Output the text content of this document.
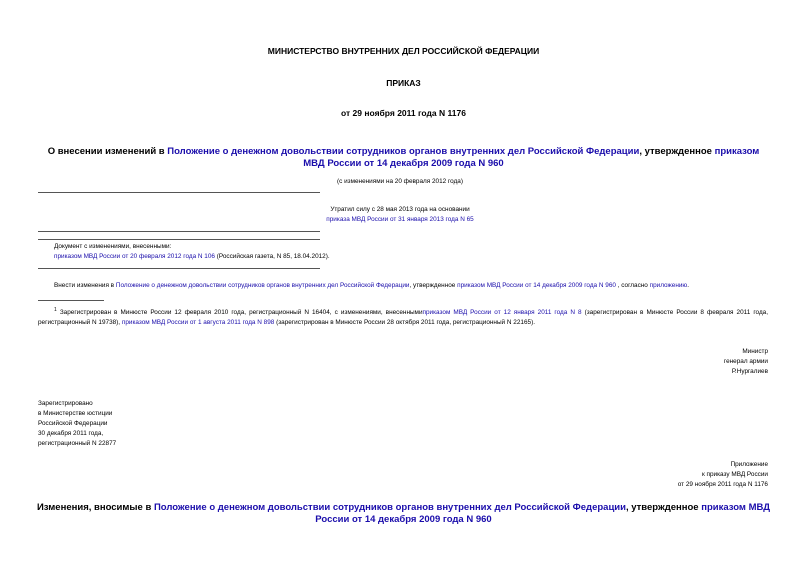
МИНИСТЕРСТВО ВНУТРЕННИХ ДЕЛ РОССИЙСКОЙ ФЕДЕРАЦИИ
ПРИКАЗ
от 29 ноября 2011 года N 1176
О внесении изменений в Положение о денежном довольствии сотрудников органов внутренних дел Российской Федерации, утвержденное приказом МВД России от 14 декабря 2009 года N 960
(с изменениями на 20 февраля 2012 года)
Утратил силу с 28 мая 2013 года на основании
приказа МВД России от 31 января 2013 года N 65
Документ с изменениями, внесенными:
приказом МВД России от 20 февраля 2012 года N 106 (Российская газета, N 85, 18.04.2012).
Внести изменения в Положение о денежном довольствии сотрудников органов внутренних дел Российской Федерации, утвержденное приказом МВД России от 14 декабря 2009 года N 960 , согласно приложению.
$^1$ Зарегистрирован в Минюсте России 12 февраля 2010 года, регистрационный N 16404, с изменениями, внесеннымиприказом МВД России от 12 января 2011 года N 8 (зарегистрирован в Минюсте России 8 февраля 2011 года, регистрационный N 19738), приказом МВД России от 1 августа 2011 года N 898 (зарегистрирован в Минюсте России 28 октября 2011 года, регистрационный N 22165).
Министр
генерал армии
Р.Нургалиев
Зарегистрировано
в Министерстве юстиции
Российской Федерации
30 декабря 2011 года,
регистрационный N 22877
Приложение
к приказу МВД России
от 29 ноября 2011 года N 1176
Изменения, вносимые в Положение о денежном довольствии сотрудников органов внутренних дел Российской Федерации, утвержденное приказом МВД России от 14 декабря 2009 года N 960
